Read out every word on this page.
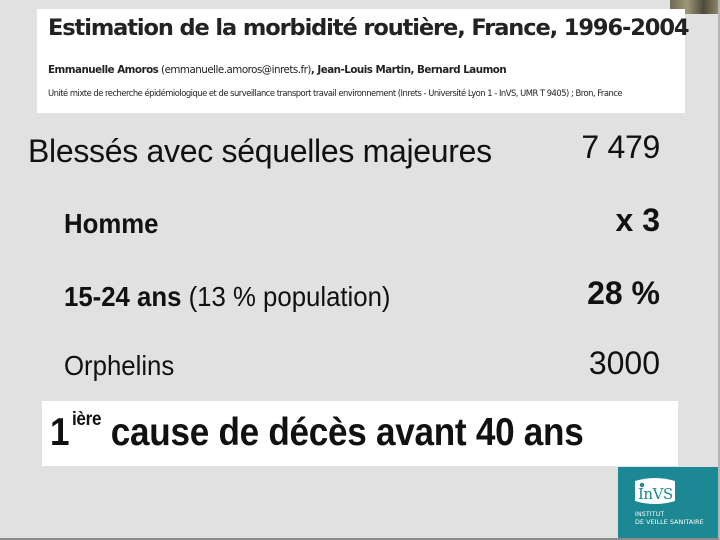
Estimation de la morbidité routière, France, 1996-2004
Emmanuelle Amoros (emmanuelle.amoros@inrets.fr), Jean-Louis Martin, Bernard Laumon
Unité mixte de recherche épidémiologique et de surveillance transport travail environnement (Inrets - Université Lyon 1 - InVS, UMR T 9405) ; Bron, France
Blessés avec séquelles majeures	7 479
Homme	x 3
15-24 ans (13 % population)	28 %
Orphelins	3000
1 $^{ière}$ cause de décès avant 40 ans
InVS
INSTITUT
DE VEILLE SANITAIRE
